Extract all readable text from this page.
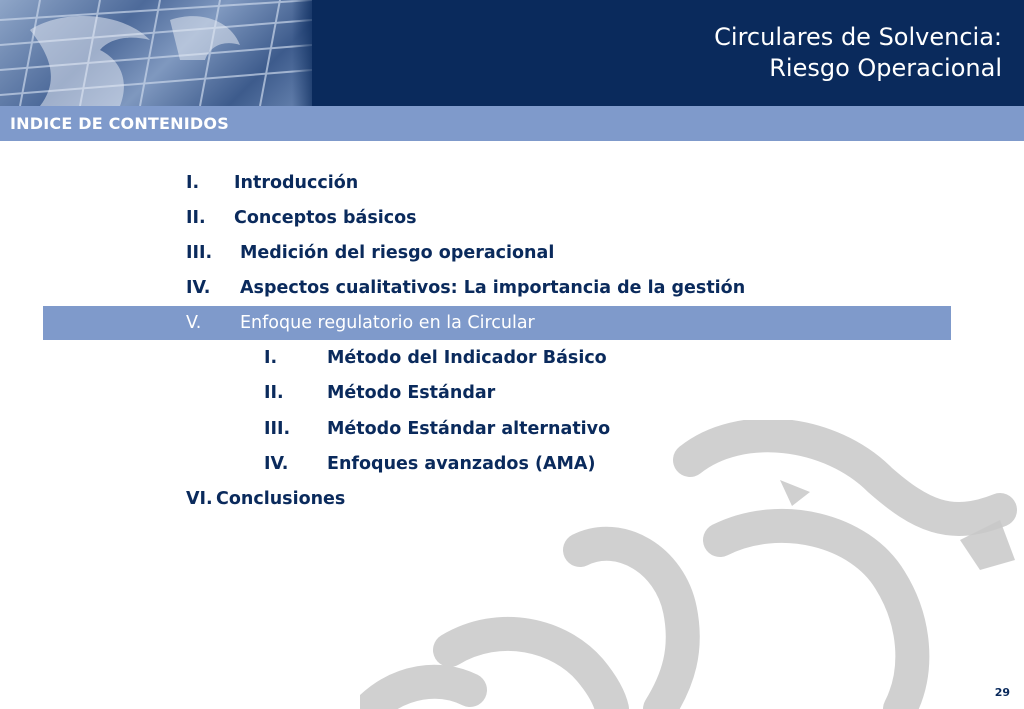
Circulares de Solvencia:
Riesgo Operacional
INDICE DE CONTENIDOS
I. Introducción
II. Conceptos básicos
III. Medición del riesgo operacional
IV. Aspectos cualitativos: La importancia de la gestión
V. Enfoque regulatorio en la Circular
I.	Método del Indicador Básico
II. Método Estándar
III. Método Estándar alternativo
IV. Enfoques avanzados (AMA)
VI. Conclusiones
29
